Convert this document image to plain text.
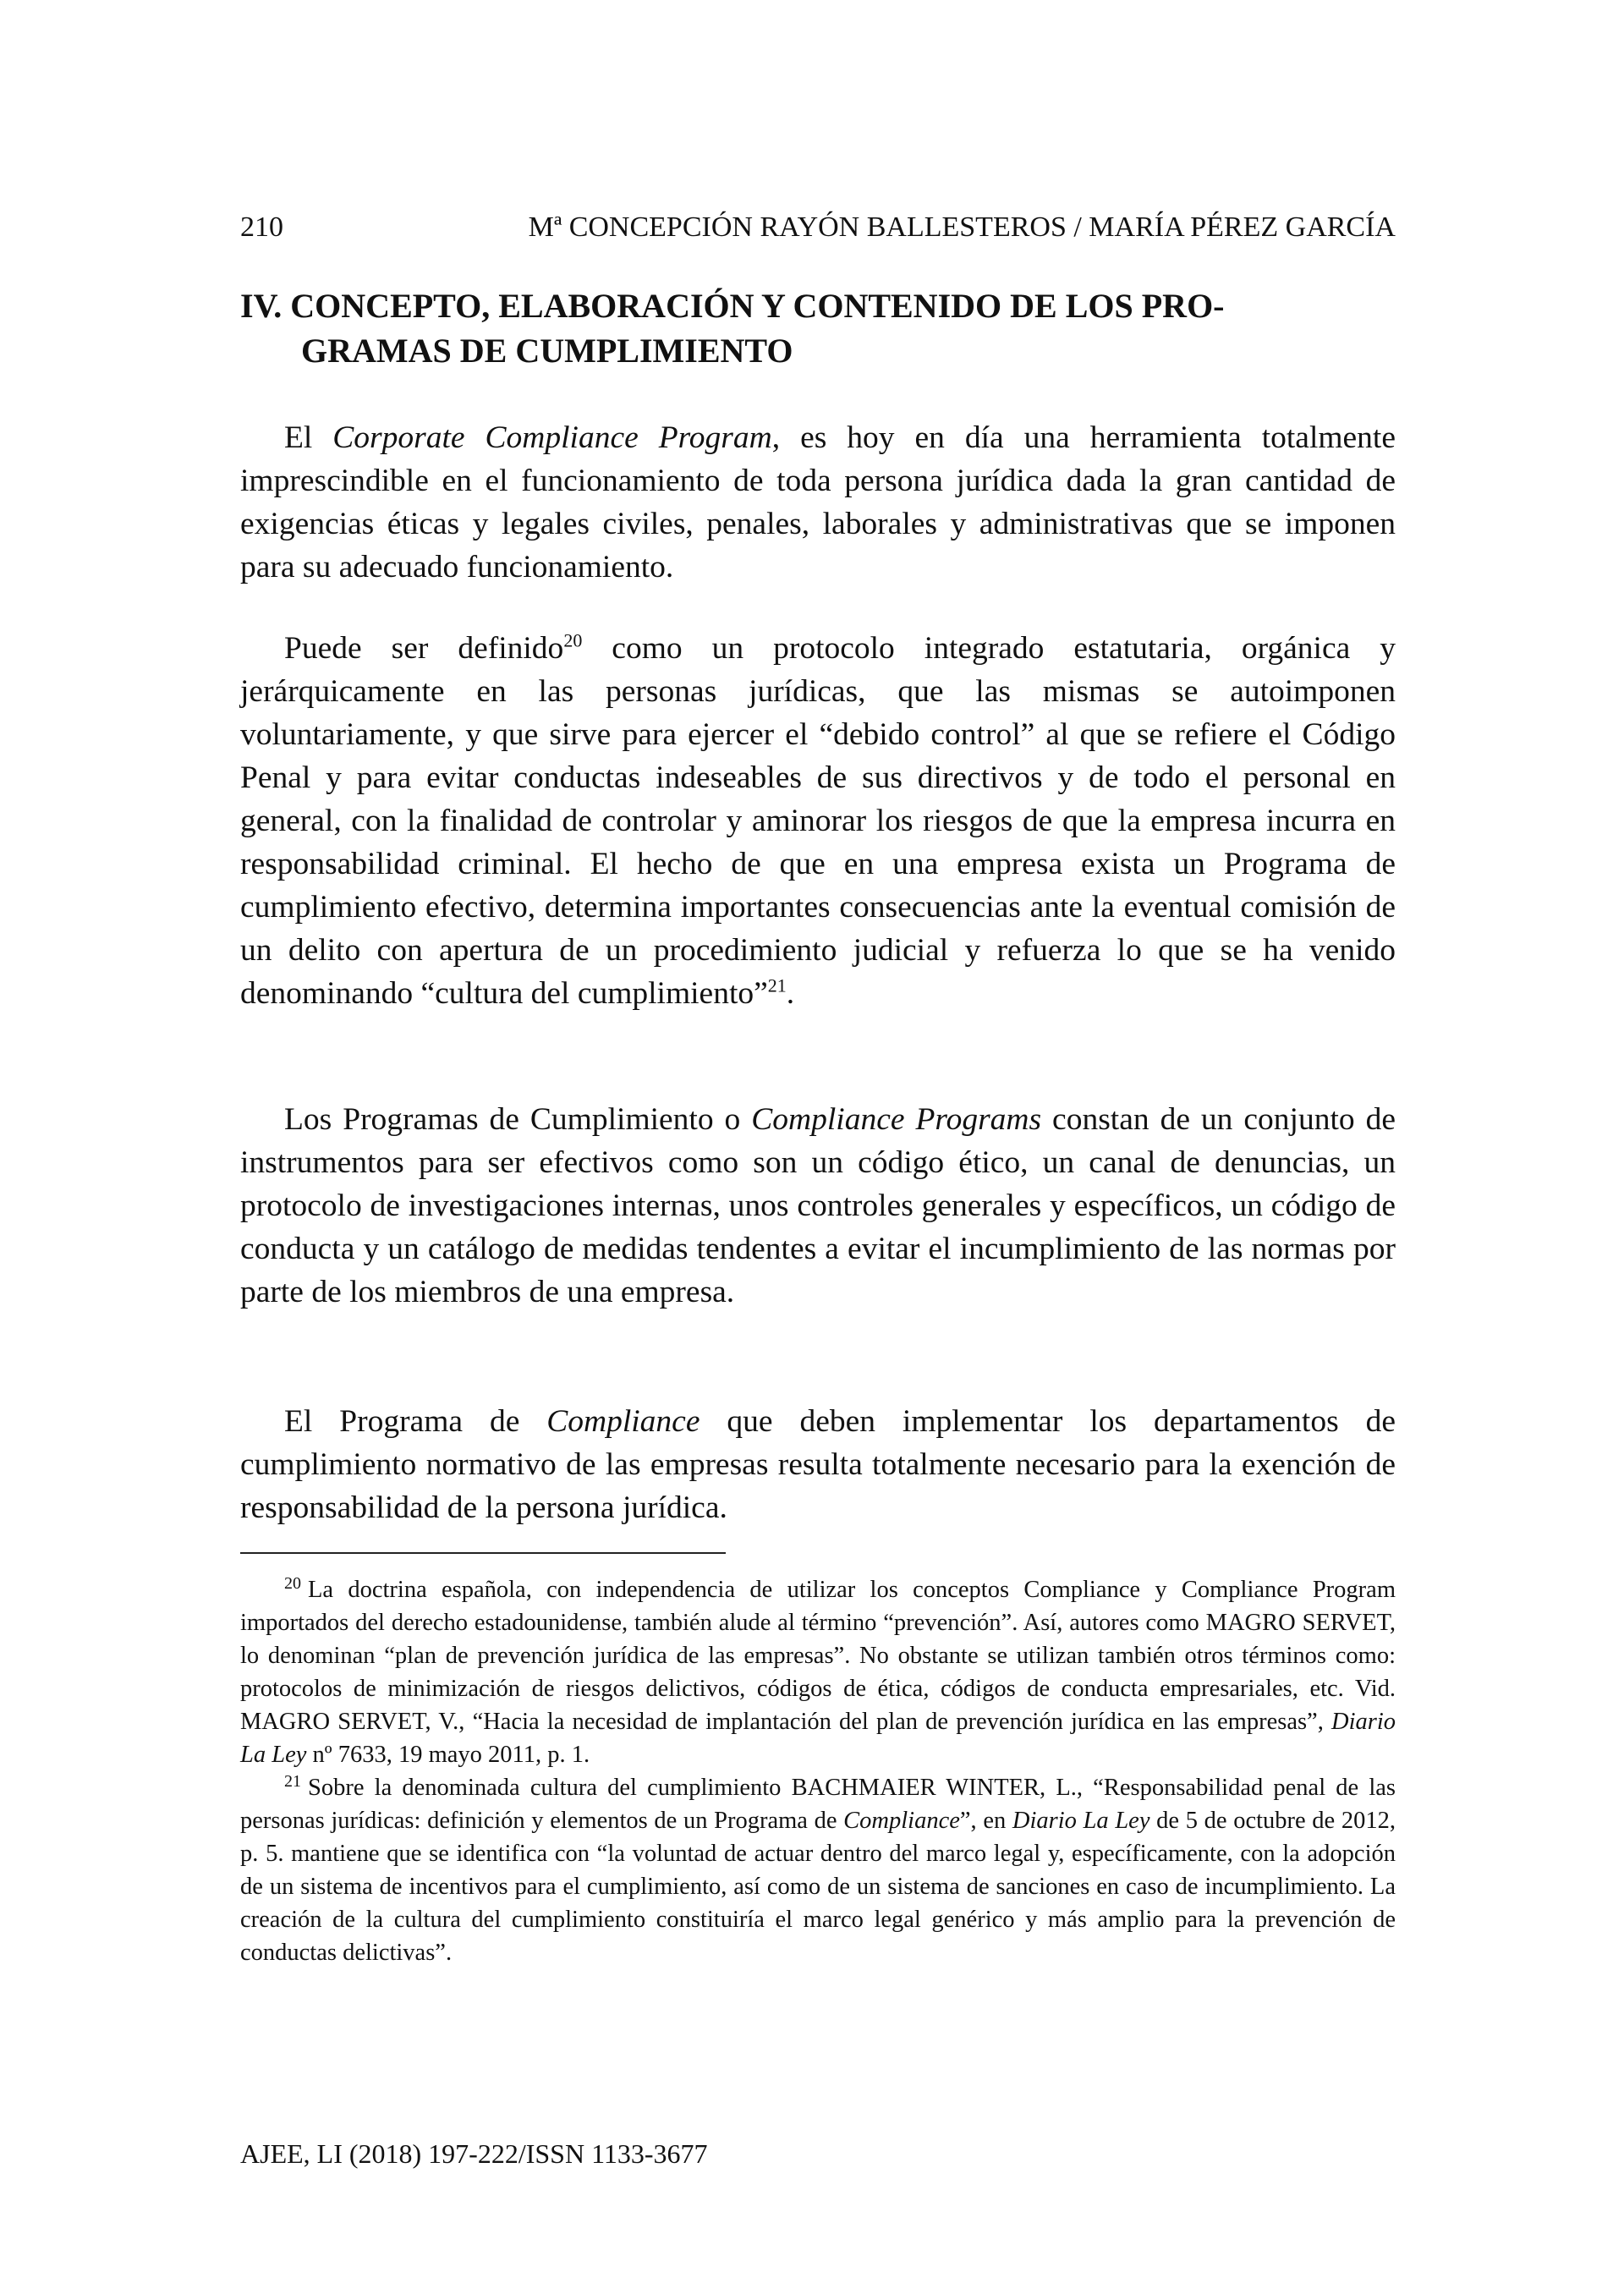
210	Mª CONCEPCIÓN RAYÓN BALLESTEROS / MARÍA PÉREZ GARCÍA
IV. CONCEPTO, ELABORACIÓN Y CONTENIDO DE LOS PRO-
GRAMAS DE CUMPLIMIENTO

El Corporate Compliance Program, es hoy en día una herramienta totalmente imprescindible en el funcionamiento de toda persona jurídica dada la gran cantidad de exigencias éticas y legales civiles, penales, laborales y administrativas que se imponen para su adecuado funcionamiento.

Puede ser definido$^{20}$ como un protocolo integrado estatutaria, orgánica y jerárquicamente en las personas jurídicas, que las mismas se autoimponen voluntariamente, y que sirve para ejercer el “debido control” al que se refiere el Código Penal y para evitar conductas indeseables de sus directivos y de todo el personal en general, con la finalidad de controlar y aminorar los riesgos de que la empresa incurra en responsabilidad criminal. El hecho de que en una empresa exista un Programa de cumplimiento efectivo, determina importantes consecuencias ante la eventual comisión de un delito con apertura de un procedimiento judicial y refuerza lo que se ha venido denominando “cultura del cumplimiento”$^{21}$.

Los Programas de Cumplimiento o Compliance Programs constan de un conjunto de instrumentos para ser efectivos como son un código ético, un canal de denuncias, un protocolo de investigaciones internas, unos controles generales y específicos, un código de conducta y un catálogo de medidas tendentes a evitar el incumplimiento de las normas por parte de los miembros de una empresa.

El Programa de Compliance que deben implementar los departamentos de cumplimiento normativo de las empresas resulta totalmente necesario para la exención de responsabilidad de la persona jurídica.

$^{20}$ La doctrina española, con independencia de utilizar los conceptos Compliance y Compliance Program importados del derecho estadounidense, también alude al término “prevención”. Así, autores como MAGRO SERVET, lo denominan “plan de prevención jurídica de las empresas”. No obstante se utilizan también otros términos como: protocolos de minimización de riesgos delictivos, códigos de ética, códigos de conducta empresariales, etc. Vid. MAGRO SERVET, V., “Hacia la necesidad de implantación del plan de prevención jurídica en las empresas”, Diario La Ley nº 7633, 19 mayo 2011, p. 1.

$^{21}$ Sobre la denominada cultura del cumplimiento BACHMAIER WINTER, L., “Responsabilidad penal de las personas jurídicas: definición y elementos de un Programa de Compliance”, en Diario La Ley de 5 de octubre de 2012, p. 5. mantiene que se identifica con “la voluntad de actuar dentro del marco legal y, específicamente, con la adopción de un sistema de incentivos para el cumplimiento, así como de un sistema de sanciones en caso de incumplimiento. La creación de la cultura del cumplimiento constituiría el marco legal genérico y más amplio para la prevención de conductas delictivas”.

AJEE, LI (2018) 197-222/ISSN 1133-3677
